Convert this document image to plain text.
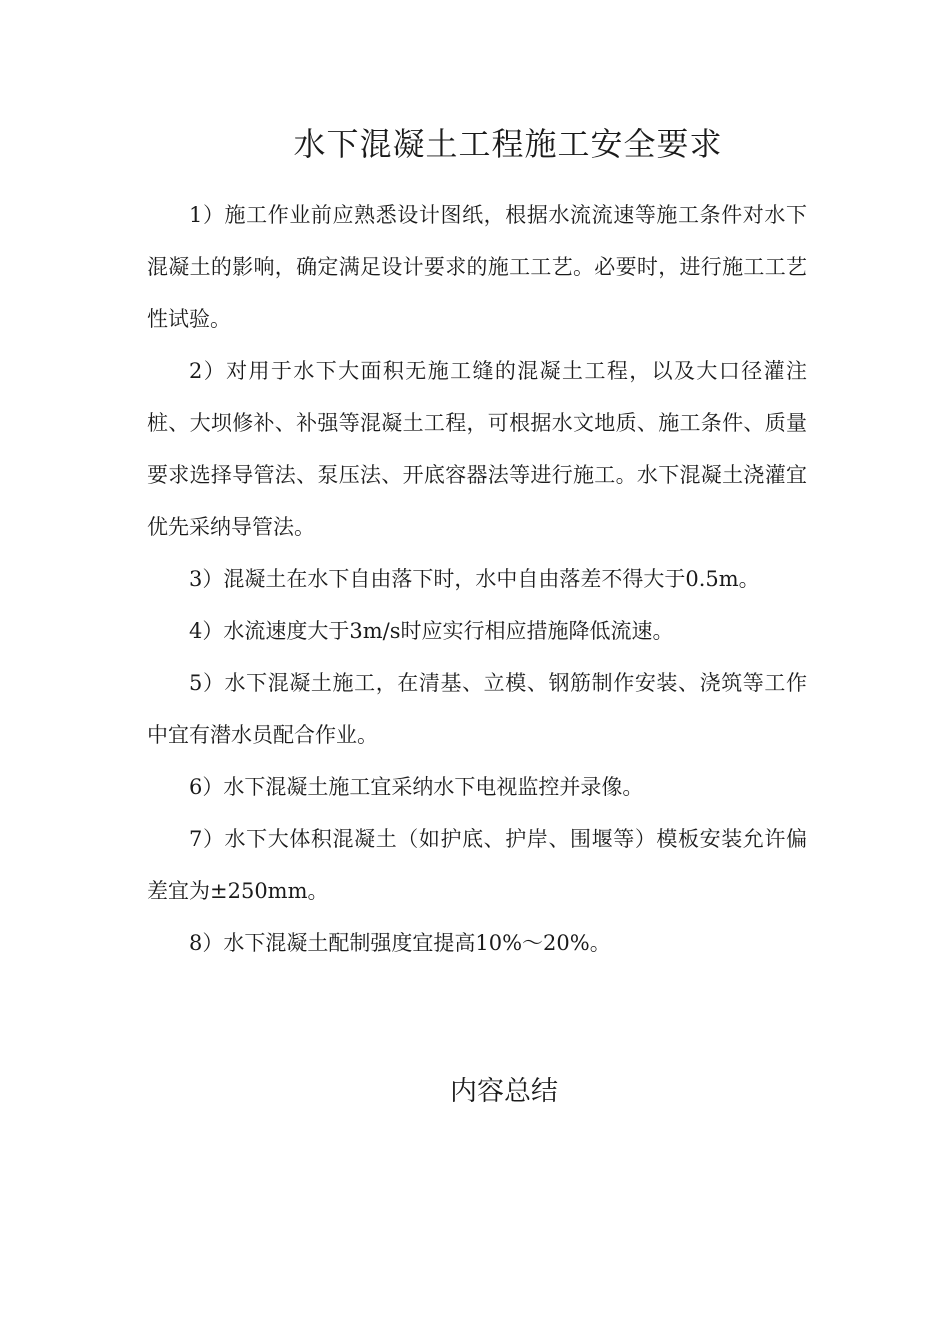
水下混凝土工程施工安全要求

1）施工作业前应熟悉设计图纸，根据水流流速等施工条件对水下混凝土的影响，确定满足设计要求的施工工艺。必要时，进行施工工艺性试验。

2）对用于水下大面积无施工缝的混凝土工程，以及大口径灌注桩、大坝修补、补强等混凝土工程，可根据水文地质、施工条件、质量要求选择导管法、泵压法、开底容器法等进行施工。水下混凝土浇灌宜优先采纳导管法。

3）混凝土在水下自由落下时，水中自由落差不得大于0.5m。

4）水流速度大于3m/s时应实行相应措施降低流速。

5）水下混凝土施工，在清基、立模、钢筋制作安装、浇筑等工作中宜有潜水员配合作业。

6）水下混凝土施工宜采纳水下电视监控并录像。

7）水下大体积混凝土（如护底、护岸、围堰等）模板安装允许偏差宜为±250mm。

8）水下混凝土配制强度宜提高10%～20%。

内容总结
